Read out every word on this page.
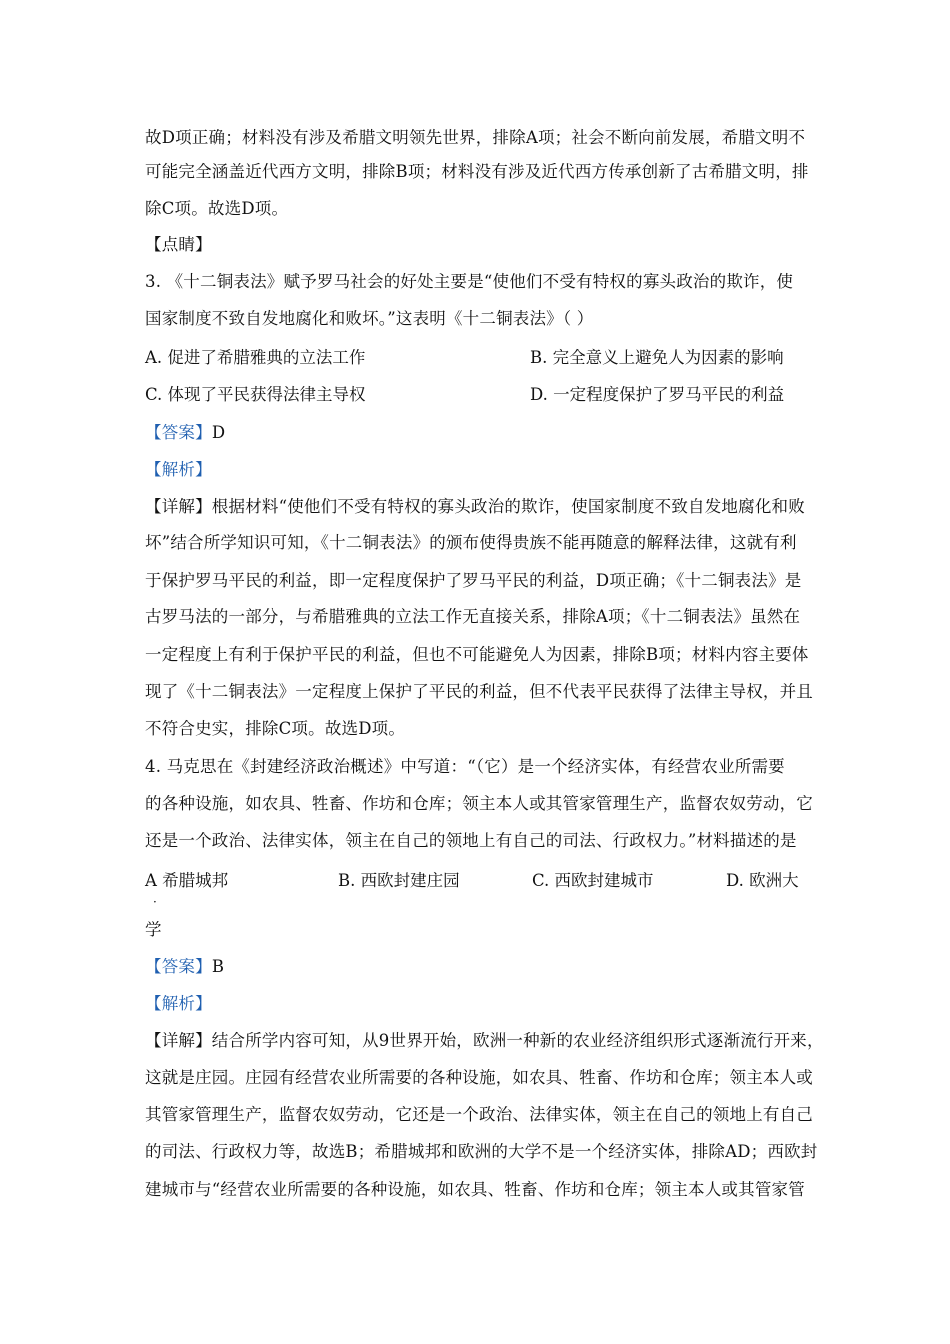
故D项正确；材料没有涉及希腊文明领先世界，排除A项；社会不断向前发展，希腊文明不
可能完全涵盖近代西方文明，排除B项；材料没有涉及近代西方传承创新了古希腊文明，排
除C项。故选D项。
【点睛】
3. 《十二铜表法》赋予罗马社会的好处主要是“使他们不受有特权的寡头政治的欺诈，使
国家制度不致自发地腐化和败坏。”这表明《十二铜表法》（ ）
A. 促进了希腊雅典的立法工作	B. 完全意义上避免人为因素的影响
C. 体现了平民获得法律主导权	D. 一定程度保护了罗马平民的利益
【答案】D
【解析】
【详解】根据材料“使他们不受有特权的寡头政治的欺诈，使国家制度不致自发地腐化和败
坏”结合所学知识可知，《十二铜表法》的颁布使得贵族不能再随意的解释法律，这就有利
于保护罗马平民的利益，即一定程度保护了罗马平民的利益，D项正确；《十二铜表法》是
古罗马法的一部分，与希腊雅典的立法工作无直接关系，排除A项；《十二铜表法》虽然在
一定程度上有利于保护平民的利益，但也不可能避免人为因素，排除B项；材料内容主要体
现了《十二铜表法》一定程度上保护了平民的利益，但不代表平民获得了法律主导权，并且
不符合史实，排除C项。故选D项。
4. 马克思在《封建经济政治概述》中写道：“（它）是一个经济实体，有经营农业所需要
的各种设施，如农具、牲畜、作坊和仓库；领主本人或其管家管理生产，监督农奴劳动，它
还是一个政治、法律实体，领主在自己的领地上有自己的司法、行政权力。”材料描述的是
A 希腊城邦	B. 西欧封建庄园	C. 西欧封建城市	D. 欧洲大
·
学
【答案】B
【解析】
【详解】结合所学内容可知，从9世界开始，欧洲一种新的农业经济组织形式逐渐流行开来，
这就是庄园。庄园有经营农业所需要的各种设施，如农具、牲畜、作坊和仓库；领主本人或
其管家管理生产，监督农奴劳动，它还是一个政治、法律实体，领主在自己的领地上有自己
的司法、行政权力等，故选B；希腊城邦和欧洲的大学不是一个经济实体，排除AD；西欧封
建城市与“经营农业所需要的各种设施，如农具、牲畜、作坊和仓库；领主本人或其管家管
